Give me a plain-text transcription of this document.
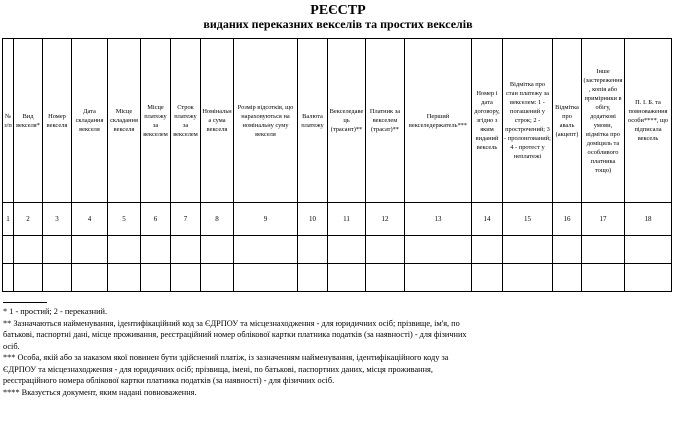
РЕЄСТР
виданих переказних векселів та простих векселів
№ з/п	Вид векселя*	Номер векселя	Дата складання векселя	Місце складання векселя	Місце платежу за векселем	Строк платежу за векселем	Номінальна сума векселя	Розмір відсотків, що нараховуються на номінальну суму векселя	Валюта платежу	Векселедавець (трасант)**	Платник за векселем (трасат)**	Перший векселедержатель***	Номер і дата договору, згідно з яким виданий вексель	Відмітка про стан платежу за векселем: 1 - погашений у строк; 2 - прострочений; 3 - пролонгований; 4 - протест у неплатежі	Відмітка про аваль (акцепт)	Інше (застереження, копія або примірники в обігу, додаткові умови, відмітка про доміциль та особливого платника тощо)	П. І. Б. та повноваження особи****, що підписала вексель
1	2	3	4	5	6	7	8	9	10	11	12	13	14	15	16	17	18

* 1 - простий; 2 - переказний.

** Зазначаються найменування, ідентифікаційний код за ЄДРПОУ та місцезнаходження - для юридичних осіб; прізвище, ім'я, по батькові, паспортні дані, місце проживання, реєстраційний номер облікової картки платника податків (за наявності) - для фізичних осіб.

*** Особа, якій або за наказом якої повинен бути здійснений платіж, із зазначенням найменування, ідентифікаційного коду за ЄДРПОУ та місцезнаходження - для юридичних осіб; прізвища, імені, по батькові, паспортних даних, місця проживання, реєстраційного номера облікової картки платника податків (за наявності) - для фізичних осіб.

**** Вказується документ, яким надані повноваження.
